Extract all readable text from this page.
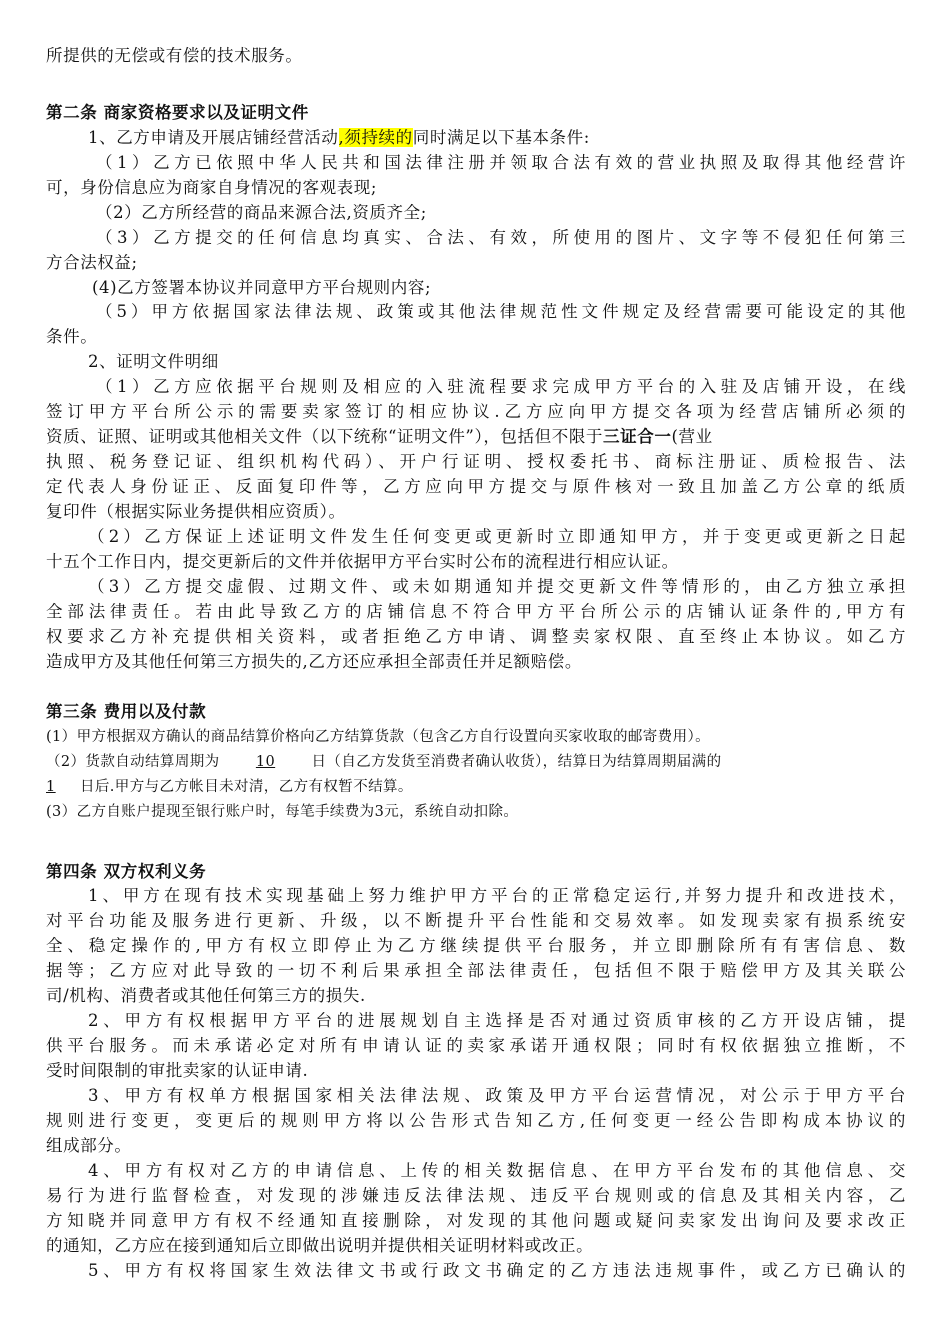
所提供的无偿或有偿的技术服务。
第二条 商家资格要求以及证明文件
1、乙方申请及开展店铺经营活动,须持续的同时满足以下基本条件:
（1）乙方已依照中华人民共和国法律注册并领取合法有效的营业执照及取得其他经营许
可，身份信息应为商家自身情况的客观表现;
（2）乙方所经营的商品来源合法,资质齐全;
（3）乙方提交的任何信息均真实、合法、有效，所使用的图片、文字等不侵犯任何第三
方合法权益;
(4)乙方签署本协议并同意甲方平台规则内容;
（5）甲方依据国家法律法规、政策或其他法律规范性文件规定及经营需要可能设定的其他
条件。
2、证明文件明细
（1）乙方应依据平台规则及相应的入驻流程要求完成甲方平台的入驻及店铺开设，在线
签订甲方平台所公示的需要卖家签订的相应协议.乙方应向甲方提交各项为经营店铺所必须的
资质、证照、证明或其他相关文件（以下统称“证明文件”），包括但不限于三证合一(营业
执照、税务登记证、组织机构代码）、开户行证明、授权委托书、商标注册证、质检报告、法
定代表人身份证正、反面复印件等，乙方应向甲方提交与原件核对一致且加盖乙方公章的纸质
复印件（根据实际业务提供相应资质）。
（2）乙方保证上述证明文件发生任何变更或更新时立即通知甲方，并于变更或更新之日起
十五个工作日内，提交更新后的文件并依据甲方平台实时公布的流程进行相应认证。
（3）乙方提交虚假、过期文件、或未如期通知并提交更新文件等情形的，由乙方独立承担
全部法律责任。若由此导致乙方的店铺信息不符合甲方平台所公示的店铺认证条件的,甲方有
权要求乙方补充提供相关资料，或者拒绝乙方申请、调整卖家权限、直至终止本协议。如乙方
造成甲方及其他任何第三方损失的,乙方还应承担全部责任并足额赔偿。
第三条 费用以及付款
(1）甲方根据双方确认的商品结算价格向乙方结算货款（包含乙方自行设置向买家收取的邮寄费用）。
（2）货款自动结算周期为	10	日（自乙方发货至消费者确认收货），结算日为结算周期届满的
1 日后.甲方与乙方帐目未对清，乙方有权暂不结算。
(3）乙方自账户提现至银行账户时，每笔手续费为3元，系统自动扣除。
第四条 双方权利义务
1、甲方在现有技术实现基础上努力维护甲方平台的正常稳定运行,并努力提升和改进技术，
对平台功能及服务进行更新、升级，以不断提升平台性能和交易效率。如发现卖家有损系统安
全、稳定操作的,甲方有权立即停止为乙方继续提供平台服务，并立即删除所有有害信息、数
据等；乙方应对此导致的一切不利后果承担全部法律责任，包括但不限于赔偿甲方及其关联公
司/机构、消费者或其他任何第三方的损失.
2、甲方有权根据甲方平台的进展规划自主选择是否对通过资质审核的乙方开设店铺，提
供平台服务。而未承诺必定对所有申请认证的卖家承诺开通权限；同时有权依据独立推断，不
受时间限制的审批卖家的认证申请.
3、甲方有权单方根据国家相关法律法规、政策及甲方平台运营情况，对公示于甲方平台
规则进行变更，变更后的规则甲方将以公告形式告知乙方,任何变更一经公告即构成本协议的
组成部分。
4、甲方有权对乙方的申请信息、上传的相关数据信息、在甲方平台发布的其他信息、交
易行为进行监督检查，对发现的涉嫌违反法律法规、违反平台规则或的信息及其相关内容，乙
方知晓并同意甲方有权不经通知直接删除，对发现的其他问题或疑问卖家发出询问及要求改正
的通知，乙方应在接到通知后立即做出说明并提供相关证明材料或改正。
5、甲方有权将国家生效法律文书或行政文书确定的乙方违法违规事件，或乙方已确认的
